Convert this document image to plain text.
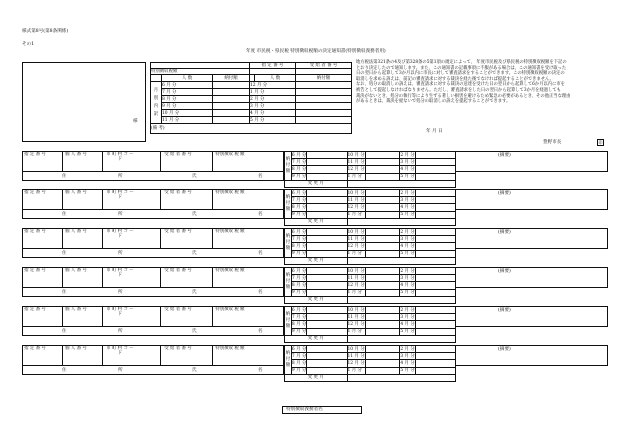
様式第8号(第8条関係)
その1
年度 市民税・県民税 特別徴収税額の決定通知書(特別徴収義務者用)
様
			指 定 番 号		受 給 者 番 号
特別徴収税額					
	人 数	納付額		人 数	納付額
月
別
内
訳	6 月 分		12 月 分		
	7 月 分		1 月 分		
	8 月 分		2 月 分		
	9 月 分		3 月 分		
	10 月 分		4 月 分		
	11 月 分		5 月 分		
(備 考)					
地方税法第321条の4及び第328条の5第1項の規定によって、 年度市民税及び県民税の特別徴収税額を下記の
とおり決定したので通知します。また、この通知書の記載事項に不服がある場合は、この通知書を受け取った
日の翌日から起算して3か月以内に市長に対して審査請求をすることができます。この特別徴収税額の決定の
取消しを求める訴えは、前記の審査請求に対する裁決を経た後でなければ提起することができません。
なお、処分の取消しの訴えは、審査請求に対する裁決の送達を受けた日の翌日から起算して6か月以内に市を
被告として提起しなければなりません。ただし、審査請求をした日の翌日から起算して3か月を経過しても
裁決がないとき、処分の執行等により生ずる著しい損害を避けるため緊急の必要があるとき、その他正当な理由
があるときは、裁決を経ないで処分の取消しの訴えを提起することができます。
年 月 日
豊野市長	印
指 定 番 号	個 人 番 号	市 町 村 コ ー ド
受 給 者 番 号	特別徴収 税 額
住	所	氏	名
納
付
額	6 月 分		10 月 分		2 月 分	
	7 月 分		11 月 分		3 月 分	
	8 月 分		12 月 分		4 月 分	
	9 月 分		1 月 分		5 月 分	
変 更 月						
(摘要)
指 定 番 号	個 人 番 号	市 町 村 コ ー ド
受 給 者 番 号	特別徴収 税 額
住	所	氏	名
納
付
額	6 月 分		10 月 分		2 月 分	
	7 月 分		11 月 分		3 月 分	
	8 月 分		12 月 分		4 月 分	
	9 月 分		1 月 分		5 月 分	
変 更 月						
(摘要)
指 定 番 号	個 人 番 号	市 町 村 コ ー ド
受 給 者 番 号	特別徴収 税 額
住	所	氏	名
納
付
額	6 月 分		10 月 分		2 月 分	
	7 月 分		11 月 分		3 月 分	
	8 月 分		12 月 分		4 月 分	
	9 月 分		1 月 分		5 月 分	
変 更 月						
(摘要)
指 定 番 号	個 人 番 号	市 町 村 コ ー ド
受 給 者 番 号	特別徴収 税 額
住	所	氏	名
納
付
額	6 月 分		10 月 分		2 月 分	
	7 月 分		11 月 分		3 月 分	
	8 月 分		12 月 分		4 月 分	
	9 月 分		1 月 分		5 月 分	
変 更 月						
(摘要)
指 定 番 号	個 人 番 号	市 町 村 コ ー ド
受 給 者 番 号	特別徴収 税 額
住	所	氏	名
納
付
額	6 月 分		10 月 分		2 月 分	
	7 月 分		11 月 分		3 月 分	
	8 月 分		12 月 分		4 月 分	
	9 月 分		1 月 分		5 月 分	
変 更 月						
(摘要)
指 定 番 号	個 人 番 号	市 町 村 コ ー ド
受 給 者 番 号	特別徴収 税 額
住	所	氏	名
納
付
額	6 月 分		10 月 分		2 月 分	
	7 月 分		11 月 分		3 月 分	
	8 月 分		12 月 分		4 月 分	
	9 月 分		1 月 分		5 月 分	
変 更 月						
(摘要)
特別徴収義務者名
